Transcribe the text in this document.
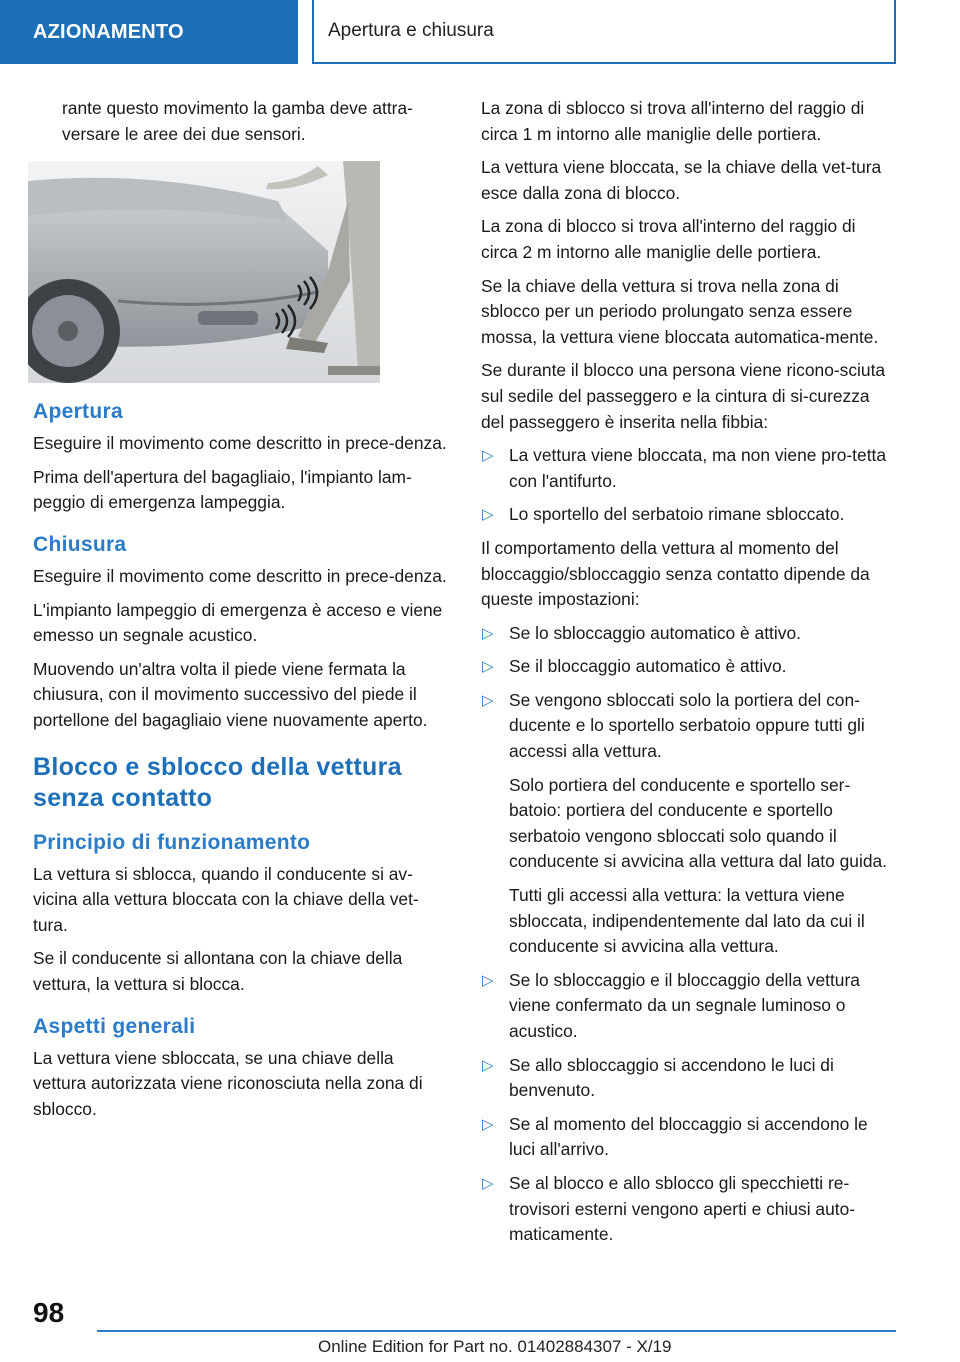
AZIONAMENTO	Apertura e chiusura

rante questo movimento la gamba deve attra-versare le aree dei due sensori.

Apertura

Eseguire il movimento come descritto in prece-denza.

Prima dell'apertura del bagagliaio, l'impianto lam-peggio di emergenza lampeggia.

Chiusura

Eseguire il movimento come descritto in prece-denza.

L'impianto lampeggio di emergenza è acceso e viene emesso un segnale acustico.

Muovendo un'altra volta il piede viene fermata la chiusura, con il movimento successivo del piede il portellone del bagagliaio viene nuovamente aperto.

Blocco e sblocco della vettura senza contatto
Principio di funzionamento

La vettura si sblocca, quando il conducente si av-vicina alla vettura bloccata con la chiave della vet-tura.

Se il conducente si allontana con la chiave della vettura, la vettura si blocca.

Aspetti generali

La vettura viene sbloccata, se una chiave della vettura autorizzata viene riconosciuta nella zona di sblocco.

La zona di sblocco si trova all'interno del raggio di circa 1 m intorno alle maniglie delle portiera.

La vettura viene bloccata, se la chiave della vet-tura esce dalla zona di blocco.

La zona di blocco si trova all'interno del raggio di circa 2 m intorno alle maniglie delle portiera.

Se la chiave della vettura si trova nella zona di sblocco per un periodo prolungato senza essere mossa, la vettura viene bloccata automatica-mente.

Se durante il blocco una persona viene ricono-sciuta sul sedile del passeggero e la cintura di si-curezza del passeggero è inserita nella fibbia:

▷ La vettura viene bloccata, ma non viene pro-tetta con l'antifurto.
▷ Lo sportello del serbatoio rimane sbloccato.

Il comportamento della vettura al momento del bloccaggio/sbloccaggio senza contatto dipende da queste impostazioni:

▷ Se lo sbloccaggio automatico è attivo.
▷ Se il bloccaggio automatico è attivo.
▷ Se vengono sbloccati solo la portiera del con-ducente e lo sportello serbatoio oppure tutti gli accessi alla vettura.

Solo portiera del conducente e sportello ser-batoio: portiera del conducente e sportello serbatoio vengono sbloccati solo quando il conducente si avvicina alla vettura dal lato guida.

Tutti gli accessi alla vettura: la vettura viene sbloccata, indipendentemente dal lato da cui il conducente si avvicina alla vettura.

▷ Se lo sbloccaggio e il bloccaggio della vettura viene confermato da un segnale luminoso o acustico.
▷ Se allo sbloccaggio si accendono le luci di benvenuto.
▷ Se al momento del bloccaggio si accendono le luci all'arrivo.
▷ Se al blocco e allo sblocco gli specchietti re-trovisori esterni vengono aperti e chiusi auto-maticamente.
98
Online Edition for Part no. 01402884307 - X/19
